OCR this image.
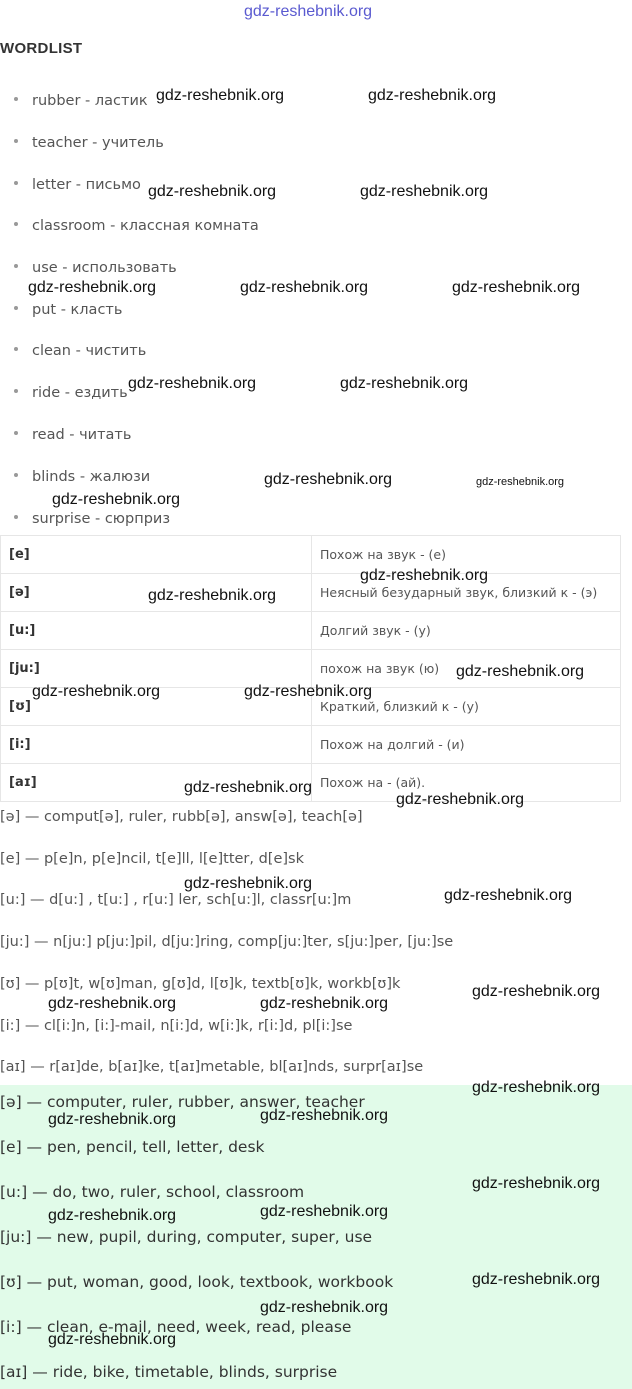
WORDLIST
rubber - ластик
teacher - учитель
letter - письмо
classroom - классная комната
use - использовать
put - класть
clean - чистить
ride - ездить
read - читать
blinds - жалюзи
surprise - сюрприз
[e]	Похож на звук - (е)
[ə]	Неясный безударный звук, близкий к - (э)
[u:]	Долгий звук - (у)
[ju:]	похож на звук (ю)
[ʊ]	Краткий, близкий к - (у)
[i:]	Похож на долгий - (и)
[aɪ]	Похож на - (ай).
[ə] — comput[ə], ruler, rubb[ə], answ[ə], teach[ə]
[e] — p[e]n, p[e]ncil, t[e]ll, l[e]tter, d[e]sk
[u:] — d[u:] , t[u:] , r[u:] ler, sch[u:]l, classr[u:]m
[ju:] — n[ju:] p[ju:]pil, d[ju:]ring, comp[ju:]ter, s[ju:]per, [ju:]se
[ʊ] — p[ʊ]t, w[ʊ]man, g[ʊ]d, l[ʊ]k, textb[ʊ]k, workb[ʊ]k
[i:] — cl[i:]n, [i:]-mail, n[i:]d, w[i:]k, r[i:]d, pl[i:]se
[aɪ] — r[aɪ]de, b[aɪ]ke, t[aɪ]metable, bl[aɪ]nds, surpr[aɪ]se
[ə] — computer, ruler, rubber, answer, teacher
[e] — pen, pencil, tell, letter, desk
[u:] — do, two, ruler, school, classroom
[ju:] — new, pupil, during, computer, super, use
[ʊ] — put, woman, good, look, textbook, workbook
[i:] — clean, e-mail, need, week, read, please
[aɪ] — ride, bike, timetable, blinds, surprise
gdz-reshebnik.org
gdz-reshebnik.org	gdz-reshebnik.org
gdz-reshebnik.org	gdz-reshebnik.org
gdz-reshebnik.org	gdz-reshebnik.org	gdz-reshebnik.org
gdz-reshebnik.org	gdz-reshebnik.org
gdz-reshebnik.org	gdz-reshebnik.org
gdz-reshebnik.org
gdz-reshebnik.org
gdz-reshebnik.org
gdz-reshebnik.org
gdz-reshebnik.org	gdz-reshebnik.org
gdz-reshebnik.org
gdz-reshebnik.org
gdz-reshebnik.org
gdz-reshebnik.org
gdz-reshebnik.org
gdz-reshebnik.org	gdz-reshebnik.org
gdz-reshebnik.org
gdz-reshebnik.org	gdz-reshebnik.org
gdz-reshebnik.org
gdz-reshebnik.org	gdz-reshebnik.org
gdz-reshebnik.org
gdz-reshebnik.org
gdz-reshebnik.org
